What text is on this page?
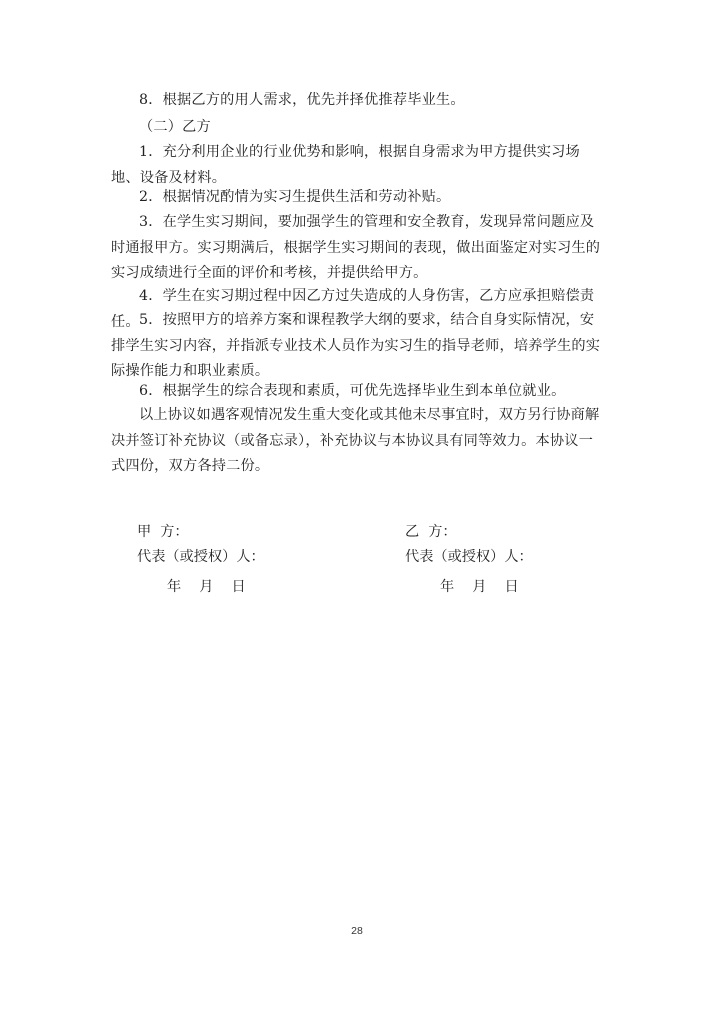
8．根据乙方的用人需求，优先并择优推荐毕业生。

（二）乙方

1．充分利用企业的行业优势和影响，根据自身需求为甲方提供实习场地、设备及材料。

2．根据情况酌情为实习生提供生活和劳动补贴。

3．在学生实习期间，要加强学生的管理和安全教育，发现异常问题应及时通报甲方。实习期满后，根据学生实习期间的表现，做出面鉴定对实习生的实习成绩进行全面的评价和考核，并提供给甲方。

4．学生在实习期过程中因乙方过失造成的人身伤害，乙方应承担赔偿责任。 5．按照甲方的培养方案和课程教学大纲的要求，结合自身实际情况，安排学生实习内容，并指派专业技术人员作为实习生的指导老师，培养学生的实际操作能力和职业素质。

6．根据学生的综合表现和素质，可优先选择毕业生到本单位就业。

以上协议如遇客观情况发生重大变化或其他未尽事宜时，双方另行协商解决并签订补充协议（或备忘录），补充协议与本协议具有同等效力。本协议一式四份，双方各持二份。

甲  方：

代表（或授权）人：

年    月    日

乙  方：

代表（或授权）人：

年    月    日

28
